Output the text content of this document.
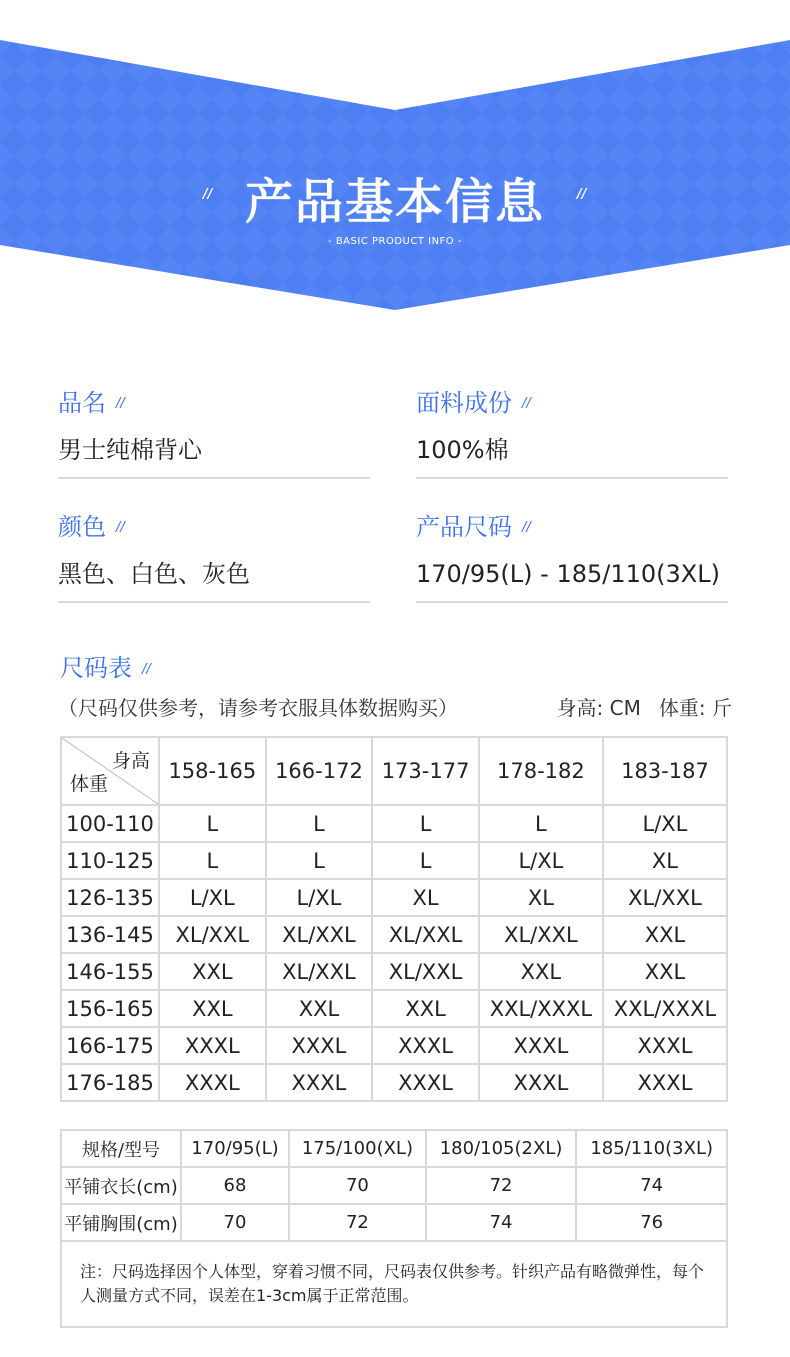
//	//
产品基本信息
- BASIC PRODUCT INFO -
品名 //
男士纯棉背心
面料成份 //
100%棉
颜色 //
黑色、白色、灰色
产品尺码 //
170/95(L) - 185/110(3XL)
尺码表 //
（尺码仅供参考，请参考衣服具体数据购买）	身高: CM 体重: 斤
身高
体重	158-165	166-172	173-177	178-182	183-187
100-110	L	L	L	L	L/XL
110-125	L	L	L	L/XL	XL
126-135	L/XL	L/XL	XL	XL	XL/XXL
136-145	XL/XXL	XL/XXL	XL/XXL	XL/XXL	XXL
146-155	XXL	XL/XXL	XL/XXL	XXL	XXL
156-165	XXL	XXL	XXL	XXL/XXXL	XXL/XXXL
166-175	XXXL	XXXL	XXXL	XXXL	XXXL
176-185	XXXL	XXXL	XXXL	XXXL	XXXL
规格/型号	170/95(L)	175/100(XL)	180/105(2XL)	185/110(3XL)
平铺衣长(cm)	68	70	72	74
平铺胸围(cm)	70	72	74	76
注：尺码选择因个人体型，穿着习惯不同，尺码表仅供参考。针织产品有略微弹性，每个人测量方式不同，误差在1-3cm属于正常范围。				
